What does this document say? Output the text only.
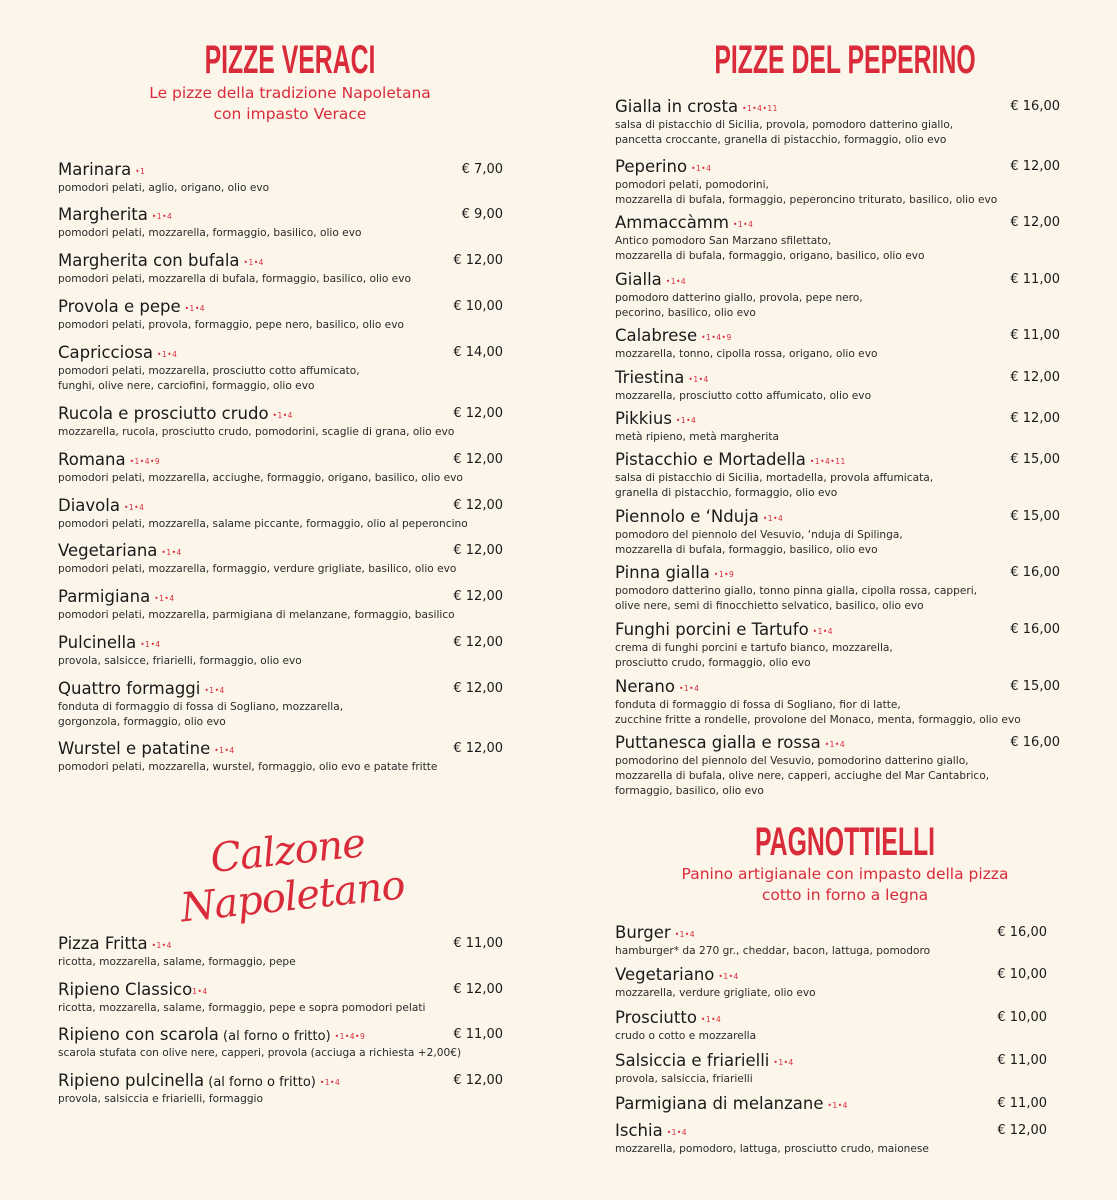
PIZZE VERACI
Le pizze della tradizione Napoletana
con impasto Verace
Marinara •1
pomodori pelati, aglio, origano, olio evo
€ 7,00
Margherita •1•4
pomodori pelati, mozzarella, formaggio, basilico, olio evo
€ 9,00
Margherita con bufala •1•4
pomodori pelati, mozzarella di bufala, formaggio, basilico, olio evo
€ 12,00
Provola e pepe •1•4
pomodori pelati, provola, formaggio, pepe nero, basilico, olio evo
€ 10,00
Capricciosa •1•4
pomodori pelati, mozzarella, prosciutto cotto affumicato,
funghi, olive nere, carciofini, formaggio, olio evo
€ 14,00
Rucola e prosciutto crudo •1•4
mozzarella, rucola, prosciutto crudo, pomodorini, scaglie di grana, olio evo
€ 12,00
Romana •1•4•9
pomodori pelati, mozzarella, acciughe, formaggio, origano, basilico, olio evo
€ 12,00
Diavola •1•4
pomodori pelati, mozzarella, salame piccante, formaggio, olio al peperoncino
€ 12,00
Vegetariana •1•4
pomodori pelati, mozzarella, formaggio, verdure grigliate, basilico, olio evo
€ 12,00
Parmigiana •1•4
pomodori pelati, mozzarella, parmigiana di melanzane, formaggio, basilico
€ 12,00
Pulcinella •1•4
provola, salsicce, friarielli, formaggio, olio evo
€ 12,00
Quattro formaggi •1•4
fonduta di formaggio di fossa di Sogliano, mozzarella,
gorgonzola, formaggio, olio evo
€ 12,00
Wurstel e patatine •1•4
pomodori pelati, mozzarella, wurstel, formaggio, olio evo e patate fritte
€ 12,00
Calzone
Napoletano
Pizza Fritta •1•4
ricotta, mozzarella, salame, formaggio, pepe
€ 11,00
Ripieno Classico1•4
ricotta, mozzarella, salame, formaggio, pepe e sopra pomodori pelati
€ 12,00
Ripieno con scarola (al forno o fritto) •1•4•9
scarola stufata con olive nere, capperi, provola (acciuga a richiesta +2,00€)
€ 11,00
Ripieno pulcinella (al forno o fritto) •1•4
provola, salsiccia e friarielli, formaggio
€ 12,00
PIZZE DEL PEPERINO
Gialla in crosta •1•4•11
salsa di pistacchio di Sicilia, provola, pomodoro datterino giallo,
pancetta croccante, granella di pistacchio, formaggio, olio evo
€ 16,00
Peperino •1•4
pomodori pelati, pomodorini,
mozzarella di bufala, formaggio, peperoncino triturato, basilico, olio evo
€ 12,00
Ammaccàmm •1•4
Antico pomodoro San Marzano sfilettato,
mozzarella di bufala, formaggio, origano, basilico, olio evo
€ 12,00
Gialla •1•4
pomodoro datterino giallo, provola, pepe nero,
pecorino, basilico, olio evo
€ 11,00
Calabrese •1•4•9
mozzarella, tonno, cipolla rossa, origano, olio evo
€ 11,00
Triestina •1•4
mozzarella, prosciutto cotto affumicato, olio evo
€ 12,00
Pikkius •1•4
metà ripieno, metà margherita
€ 12,00
Pistacchio e Mortadella •1•4•11
salsa di pistacchio di Sicilia, mortadella, provola affumicata,
granella di pistacchio, formaggio, olio evo
€ 15,00
Piennolo e ‘Nduja •1•4
pomodoro del piennolo del Vesuvio, ‘nduja di Spilinga,
mozzarella di bufala, formaggio, basilico, olio evo
€ 15,00
Pinna gialla •1•9
pomodoro datterino giallo, tonno pinna gialla, cipolla rossa, capperi,
olive nere, semi di finocchietto selvatico, basilico, olio evo
€ 16,00
Funghi porcini e Tartufo •1•4
crema di funghi porcini e tartufo bianco, mozzarella,
prosciutto crudo, formaggio, olio evo
€ 16,00
Nerano •1•4
fonduta di formaggio di fossa di Sogliano, fior di latte,
zucchine fritte a rondelle, provolone del Monaco, menta, formaggio, olio evo
€ 15,00
Puttanesca gialla e rossa •1•4
pomodorino del piennolo del Vesuvio, pomodorino datterino giallo,
mozzarella di bufala, olive nere, capperi, acciughe del Mar Cantabrico,
formaggio, basilico, olio evo
€ 16,00
PAGNOTTIELLI
Panino artigianale con impasto della pizza
cotto in forno a legna
Burger •1•4
hamburger* da 270 gr., cheddar, bacon, lattuga, pomodoro
€ 16,00
Vegetariano •1•4
mozzarella, verdure grigliate, olio evo
€ 10,00
Prosciutto •1•4
crudo o cotto e mozzarella
€ 10,00
Salsiccia e friarielli •1•4
provola, salsiccia, friarielli
€ 11,00
Parmigiana di melanzane •1•4	€ 11,00
Ischia •1•4
mozzarella, pomodoro, lattuga, prosciutto crudo, maionese
€ 12,00
